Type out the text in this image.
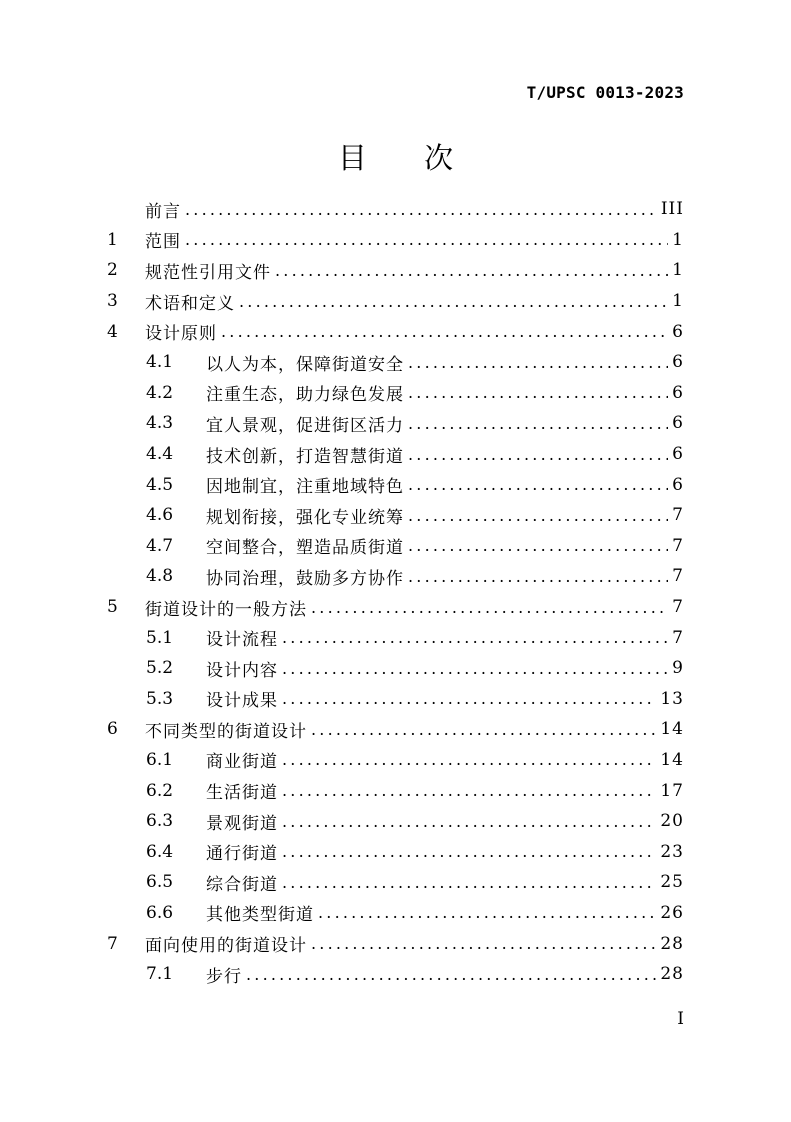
T/UPSC 0013-2023
目 次
前言 .....	III
1	范围 .....	1
2	规范性引用文件 .....	1
3	术语和定义 .....	1
4	设计原则 .....	6
4.1	以人为本，保障街道安全 .....	6
4.2	注重生态，助力绿色发展 .....	6
4.3	宜人景观，促进街区活力 .....	6
4.4	技术创新，打造智慧街道 .....	6
4.5	因地制宜，注重地域特色 .....	6
4.6	规划衔接，强化专业统筹 .....	7
4.7	空间整合，塑造品质街道 .....	7
4.8	协同治理，鼓励多方协作 .....	7
5	街道设计的一般方法 .....	7
5.1	设计流程 .....	7
5.2	设计内容 .....	9
5.3	设计成果 .....	13
6	不同类型的街道设计 .....	14
6.1	商业街道 .....	14
6.2	生活街道 .....	17
6.3	景观街道 .....	20
6.4	通行街道 .....	23
6.5	综合街道 .....	25
6.6	其他类型街道 .....	26
7	面向使用的街道设计 .....	28
7.1	步行 .....	28
I
